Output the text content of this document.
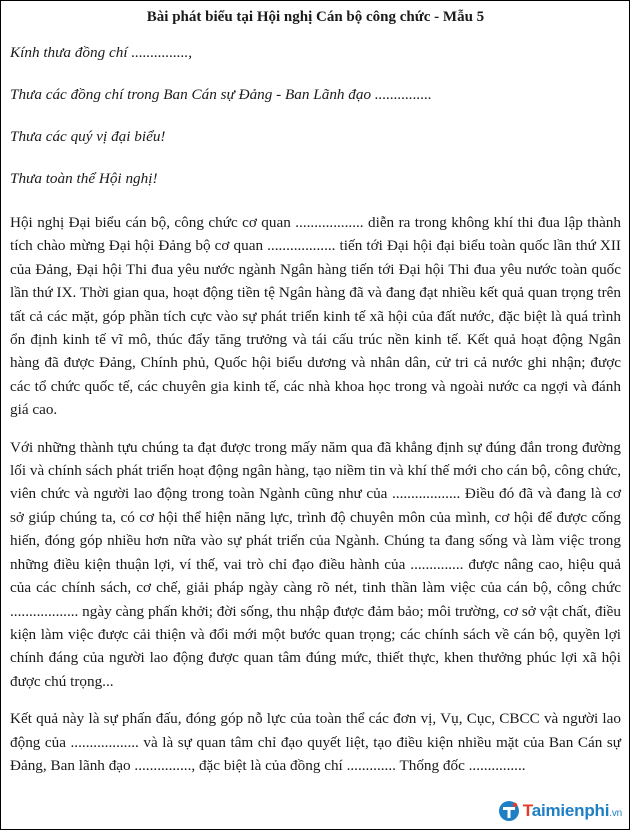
Bài phát biểu tại Hội nghị Cán bộ công chức - Mẫu 5
Kính thưa đồng chí ...............,
Thưa các đồng chí trong Ban Cán sự Đảng - Ban Lãnh đạo ...............
Thưa các quý vị đại biểu!
Thưa toàn thể Hội nghị!

Hội nghị Đại biểu cán bộ, công chức cơ quan .................. diễn ra trong không khí thi đua lập thành tích chào mừng Đại hội Đảng bộ cơ quan .................. tiến tới Đại hội đại biểu toàn quốc lần thứ XII của Đảng, Đại hội Thi đua yêu nước ngành Ngân hàng tiến tới Đại hội Thi đua yêu nước toàn quốc lần thứ IX. Thời gian qua, hoạt động tiền tệ Ngân hàng đã và đang đạt nhiều kết quả quan trọng trên tất cả các mặt, góp phần tích cực vào sự phát triển kinh tế xã hội của đất nước, đặc biệt là quá trình ổn định kinh tế vĩ mô, thúc đẩy tăng trưởng và tái cấu trúc nền kinh tế. Kết quả hoạt động Ngân hàng đã được Đảng, Chính phủ, Quốc hội biểu dương và nhân dân, cử tri cả nước ghi nhận; được các tổ chức quốc tế, các chuyên gia kinh tế, các nhà khoa học trong và ngoài nước ca ngợi và đánh giá cao.

Với những thành tựu chúng ta đạt được trong mấy năm qua đã khẳng định sự đúng đắn trong đường lối và chính sách phát triển hoạt động ngân hàng, tạo niềm tin và khí thế mới cho cán bộ, công chức, viên chức và người lao động trong toàn Ngành cũng như của .................. Điều đó đã và đang là cơ sở giúp chúng ta, có cơ hội thể hiện năng lực, trình độ chuyên môn của mình, cơ hội để được cống hiến, đóng góp nhiều hơn nữa vào sự phát triển của Ngành. Chúng ta đang sống và làm việc trong những điều kiện thuận lợi, ví thế, vai trò chỉ đạo điều hành của .............. được nâng cao, hiệu quả của các chính sách, cơ chế, giải pháp ngày càng rõ nét, tinh thần làm việc của cán bộ, công chức .................. ngày càng phấn khởi; đời sống, thu nhập được đảm bảo; môi trường, cơ sở vật chất, điều kiện làm việc được cải thiện và đổi mới một bước quan trọng; các chính sách về cán bộ, quyền lợi chính đáng của người lao động được quan tâm đúng mức, thiết thực, khen thưởng phúc lợi xã hội được chú trọng...

Kết quả này là sự phấn đấu, đóng góp nỗ lực của toàn thể các đơn vị, Vụ, Cục, CBCC và người lao động của .................. và là sự quan tâm chỉ đạo quyết liệt, tạo điều kiện nhiều mặt của Ban Cán sự Đảng, Ban lãnh đạo ..............., đặc biệt là của đồng chí ............. Thống đốc ...............

Taimienphi.vn
